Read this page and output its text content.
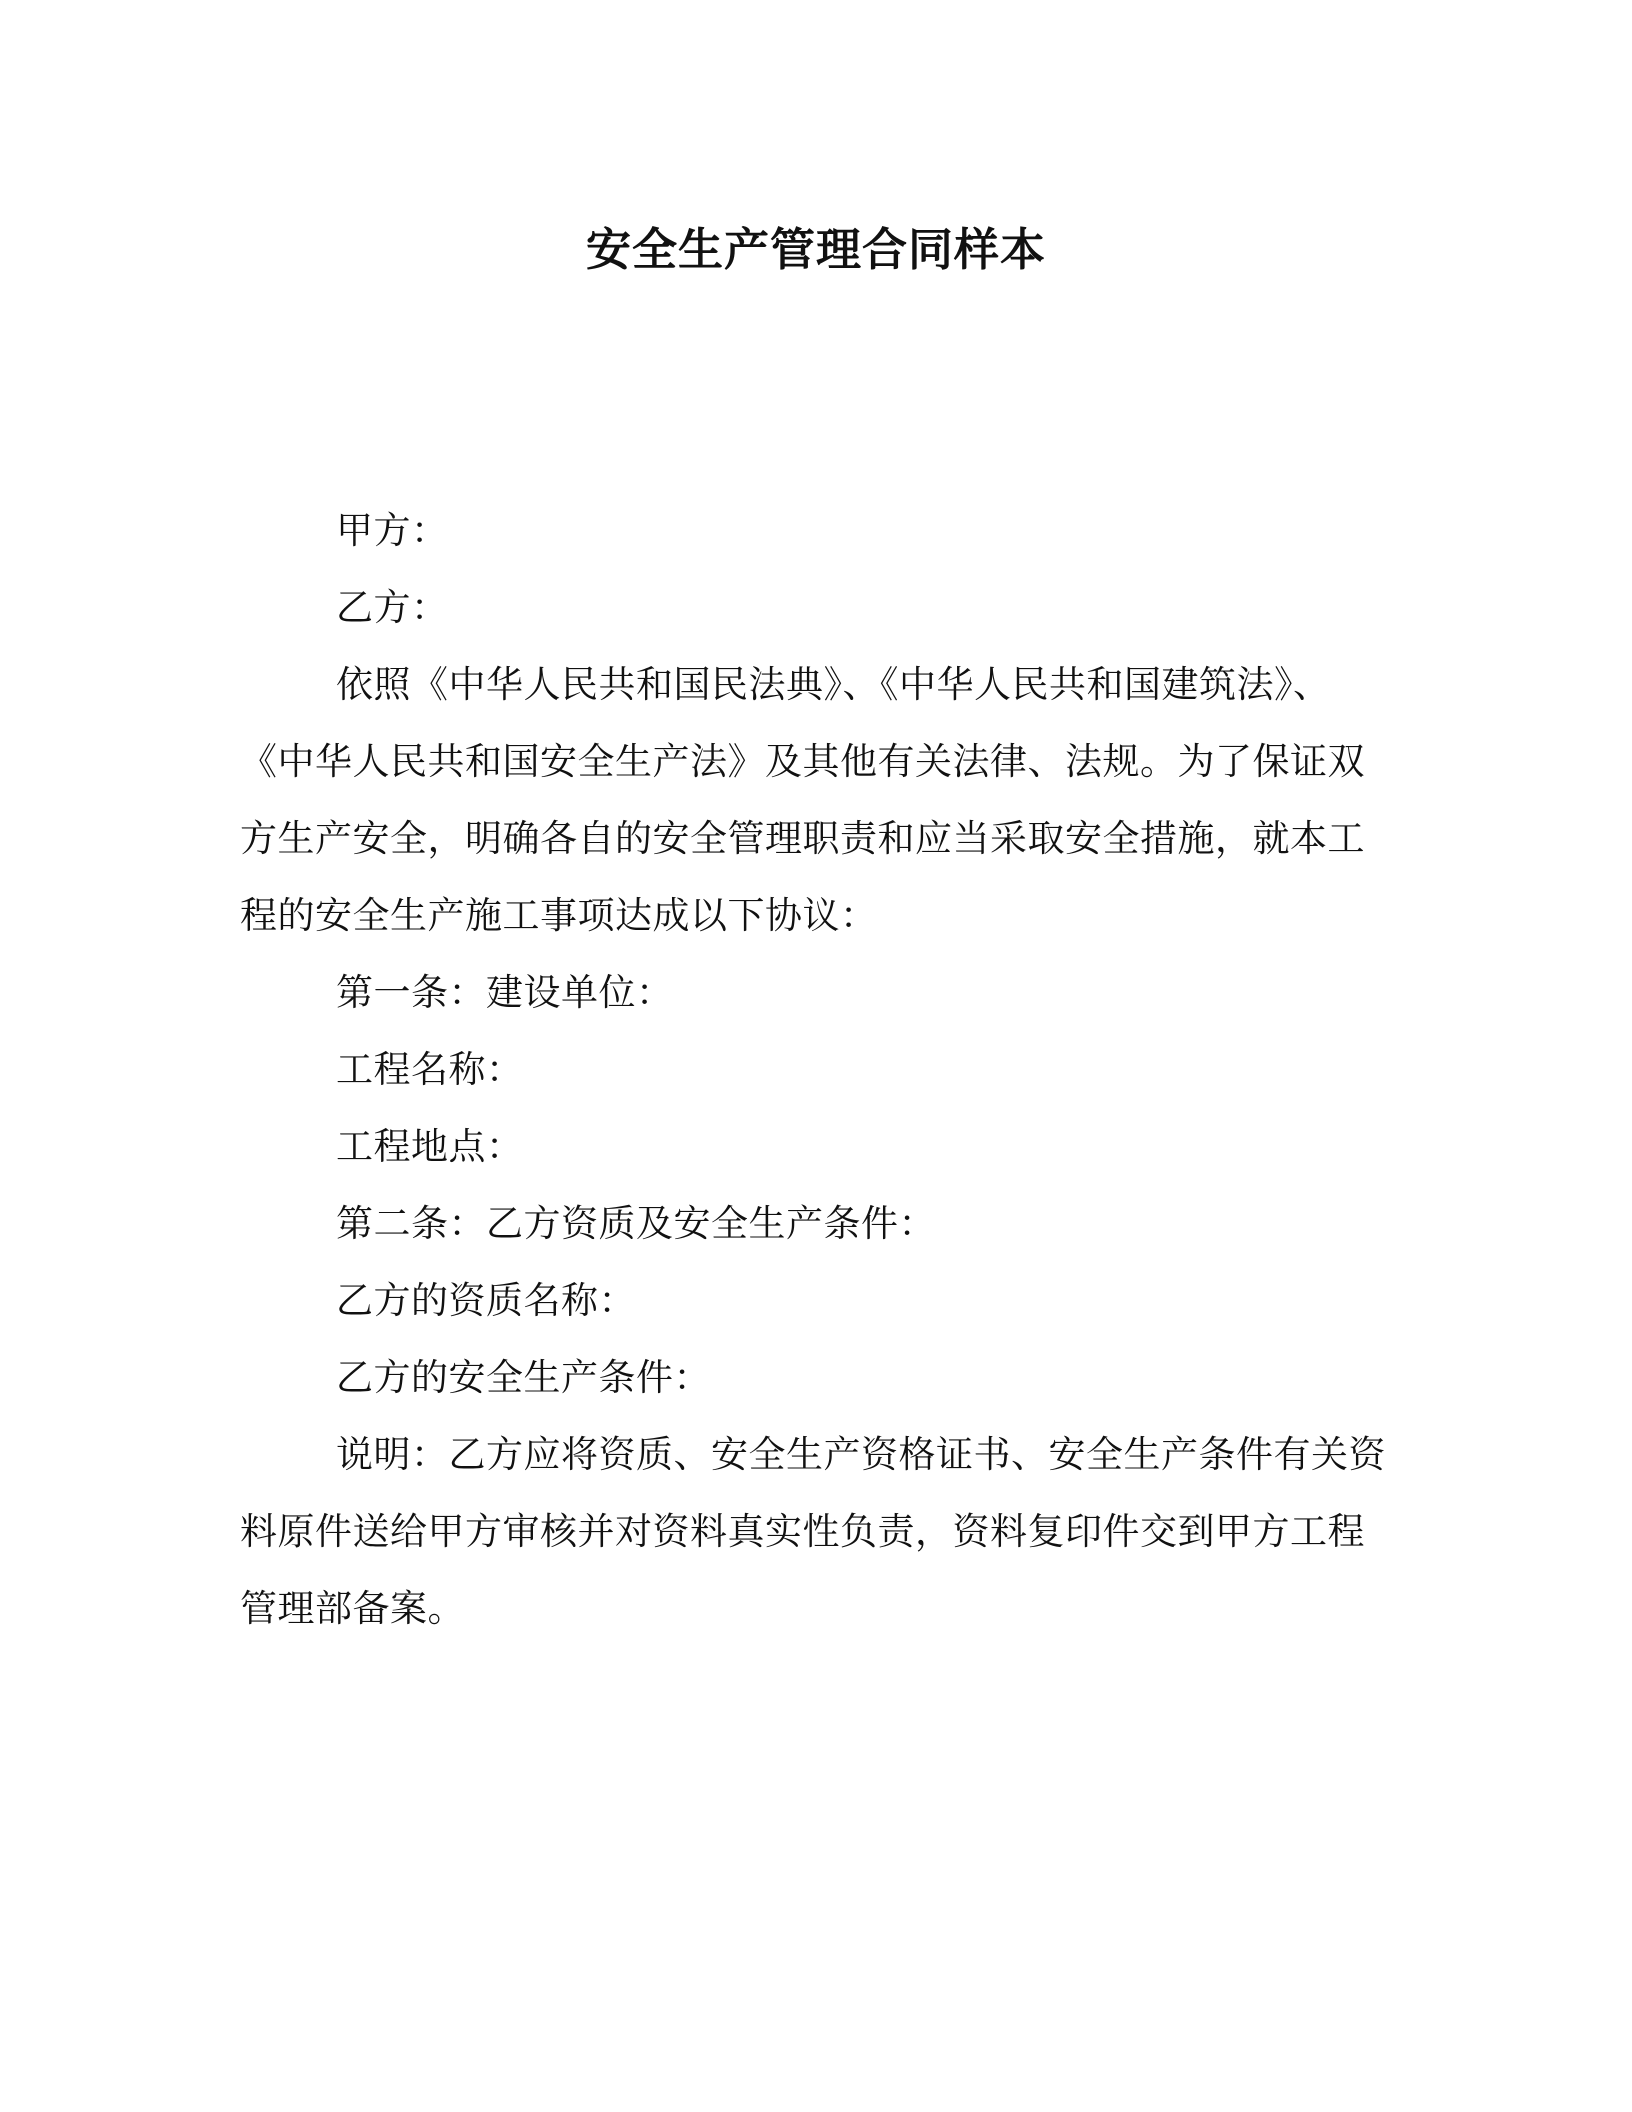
安全生产管理合同样本

甲方：

乙方：

依照《中华人民共和国民法典》、《中华人民共和国建筑法》、
《中华人民共和国安全生产法》及其他有关法律、法规。为了保证双
方生产安全，明确各自的安全管理职责和应当采取安全措施，就本工
程的安全生产施工事项达成以下协议：

第一条：建设单位：

工程名称：

工程地点：

第二条：乙方资质及安全生产条件：

乙方的资质名称：

乙方的安全生产条件：

说明：乙方应将资质、安全生产资格证书、安全生产条件有关资
料原件送给甲方审核并对资料真实性负责，资料复印件交到甲方工程
管理部备案。
